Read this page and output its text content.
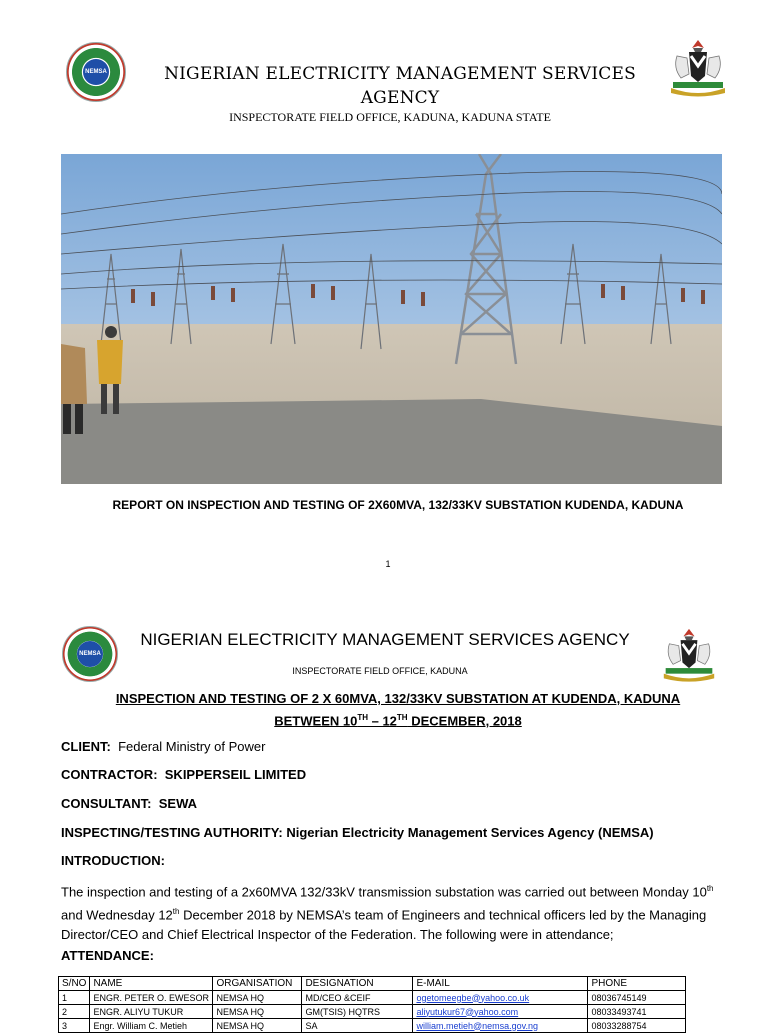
NEMSA	NIGERIAN ELECTRICITY MANAGEMENT SERVICES AGENCY
INSPECTORATE FIELD OFFICE, KADUNA, KADUNA STATE
REPORT ON INSPECTION AND TESTING OF 2X60MVA, 132/33KV SUBSTATION KUDENDA, KADUNA
1
NEMSA
NIGERIAN ELECTRICITY MANAGEMENT SERVICES AGENCY
INSPECTORATE FIELD OFFICE, KADUNA
INSPECTION AND TESTING OF 2 X 60MVA, 132/33KV SUBSTATION AT KUDENDA, KADUNA
BETWEEN 10TH – 12TH DECEMBER, 2018
CLIENT: Federal Ministry of Power
CONTRACTOR: SKIPPERSEIL LIMITED
CONSULTANT: SEWA
INSPECTING/TESTING AUTHORITY: Nigerian Electricity Management Services Agency (NEMSA)
INTRODUCTION:
The inspection and testing of a 2x60MVA 132/33kV transmission substation was carried out between Monday 10th and Wednesday 12th December 2018 by NEMSA’s team of Engineers and technical officers led by the Managing Director/CEO and Chief Electrical Inspector of the Federation. The following were in attendance;
ATTENDANCE:
S/NO	NAME	ORGANISATION	DESIGNATION	E-MAIL	PHONE
1	ENGR. PETER O. EWESOR	NEMSA HQ	MD/CEO &CEIF	ogetomeegbe@yahoo.co.uk	08036745149
2	ENGR. ALIYU TUKUR	NEMSA HQ	GM(TSIS) HQTRS	aliyutukur67@yahoo.com	08033493741
3	Engr. William C. Metieh	NEMSA HQ	SA	william.metieh@nemsa.gov.ng	08033288754
